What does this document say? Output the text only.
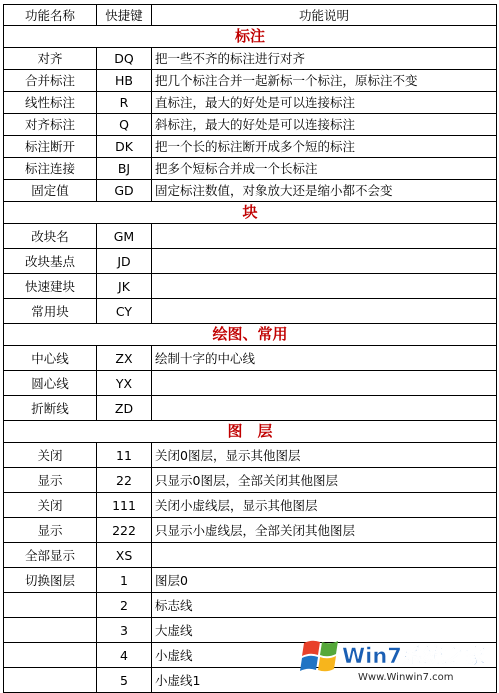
功能名称	快捷键	功能说明
标注		
对齐	DQ	把一些不齐的标注进行对齐
合并标注	HB	把几个标注合并一起新标一个标注，原标注不变
线性标注	R	直标注，最大的好处是可以连接标注
对齐标注	Q	斜标注，最大的好处是可以连接标注
标注断开	DK	把一个长的标注断开成多个短的标注
标注连接	BJ	把多个短标合并成一个长标注
固定值	GD	固定标注数值，对象放大还是缩小都不会变
块		
改块名	GM	
改块基点	JD	
快速建块	JK	
常用块	CY	
绘图、常用		
中心线	ZX	绘制十字的中心线
圆心线	YX	
折断线	ZD	
图　层		
关闭	11	关闭0图层，显示其他图层
显示	22	只显示0图层，全部关闭其他图层
关闭	111	关闭小虚线层，显示其他图层
显示	222	只显示小虚线层，全部关闭其他图层
全部显示	XS	
切换图层	1	图层0
	2	标志线
	3	大虚线
	4	小虚线
	5	小虚线1
Win7系统之家
Www.Winwin7.com
